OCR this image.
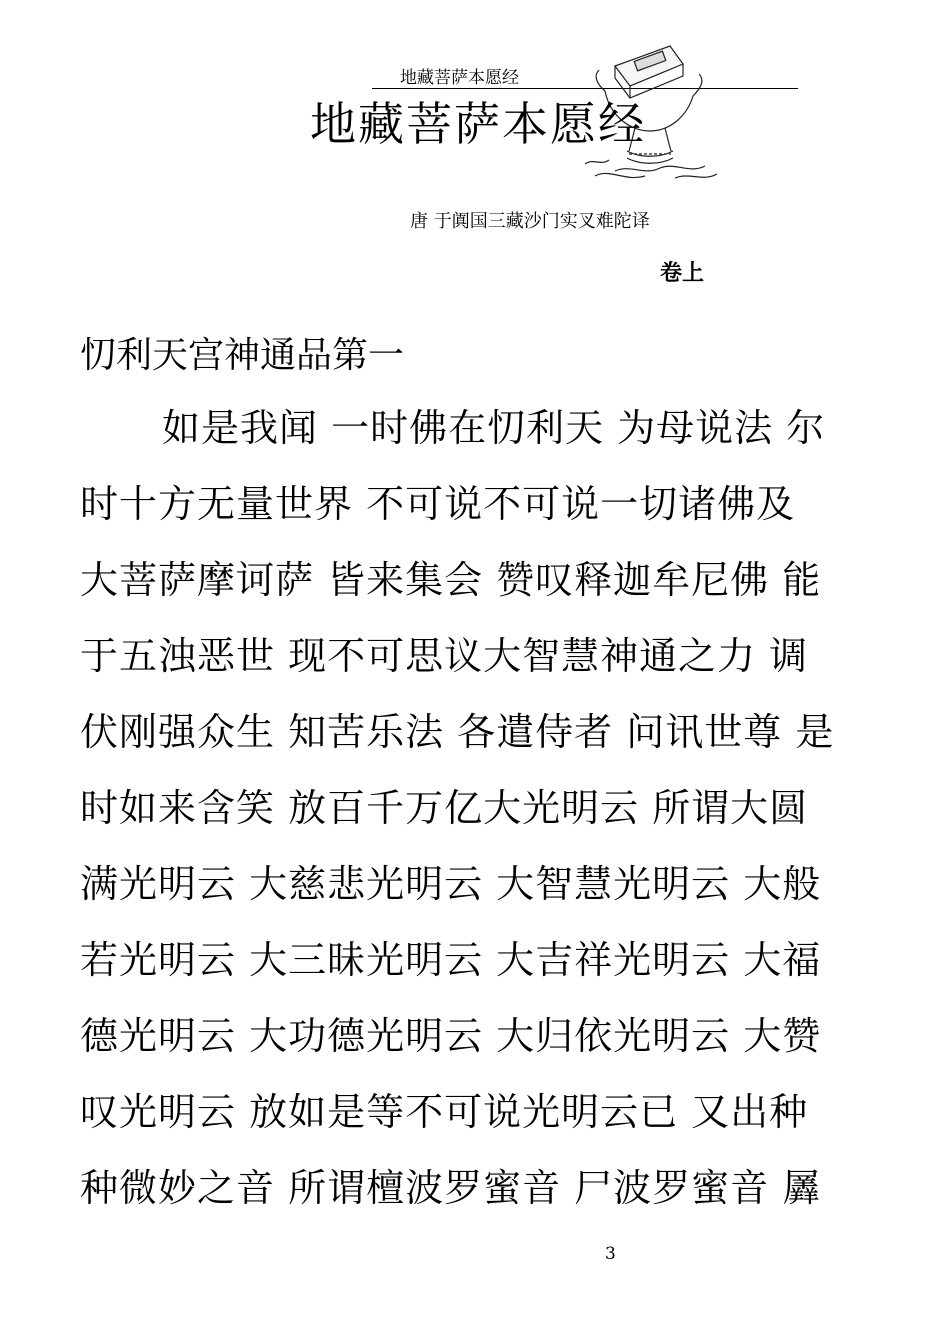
地藏菩萨本愿经
地藏菩萨本愿经
唐 于阗国三藏沙门实叉难陀译
卷上
忉利天宫神通品第一
如是我闻 一时佛在忉利天 为母说法 尔
时十方无量世界 不可说不可说一切诸佛及
大菩萨摩诃萨 皆来集会 赞叹释迦牟尼佛 能
于五浊恶世 现不可思议大智慧神通之力 调
伏刚强众生 知苦乐法 各遣侍者 问讯世尊 是
时如来含笑 放百千万亿大光明云 所谓大圆
满光明云 大慈悲光明云 大智慧光明云 大般
若光明云 大三昧光明云 大吉祥光明云 大福
德光明云 大功德光明云 大归依光明云 大赞
叹光明云 放如是等不可说光明云已 又出种
种微妙之音 所谓檀波罗蜜音 尸波罗蜜音 羼
3
